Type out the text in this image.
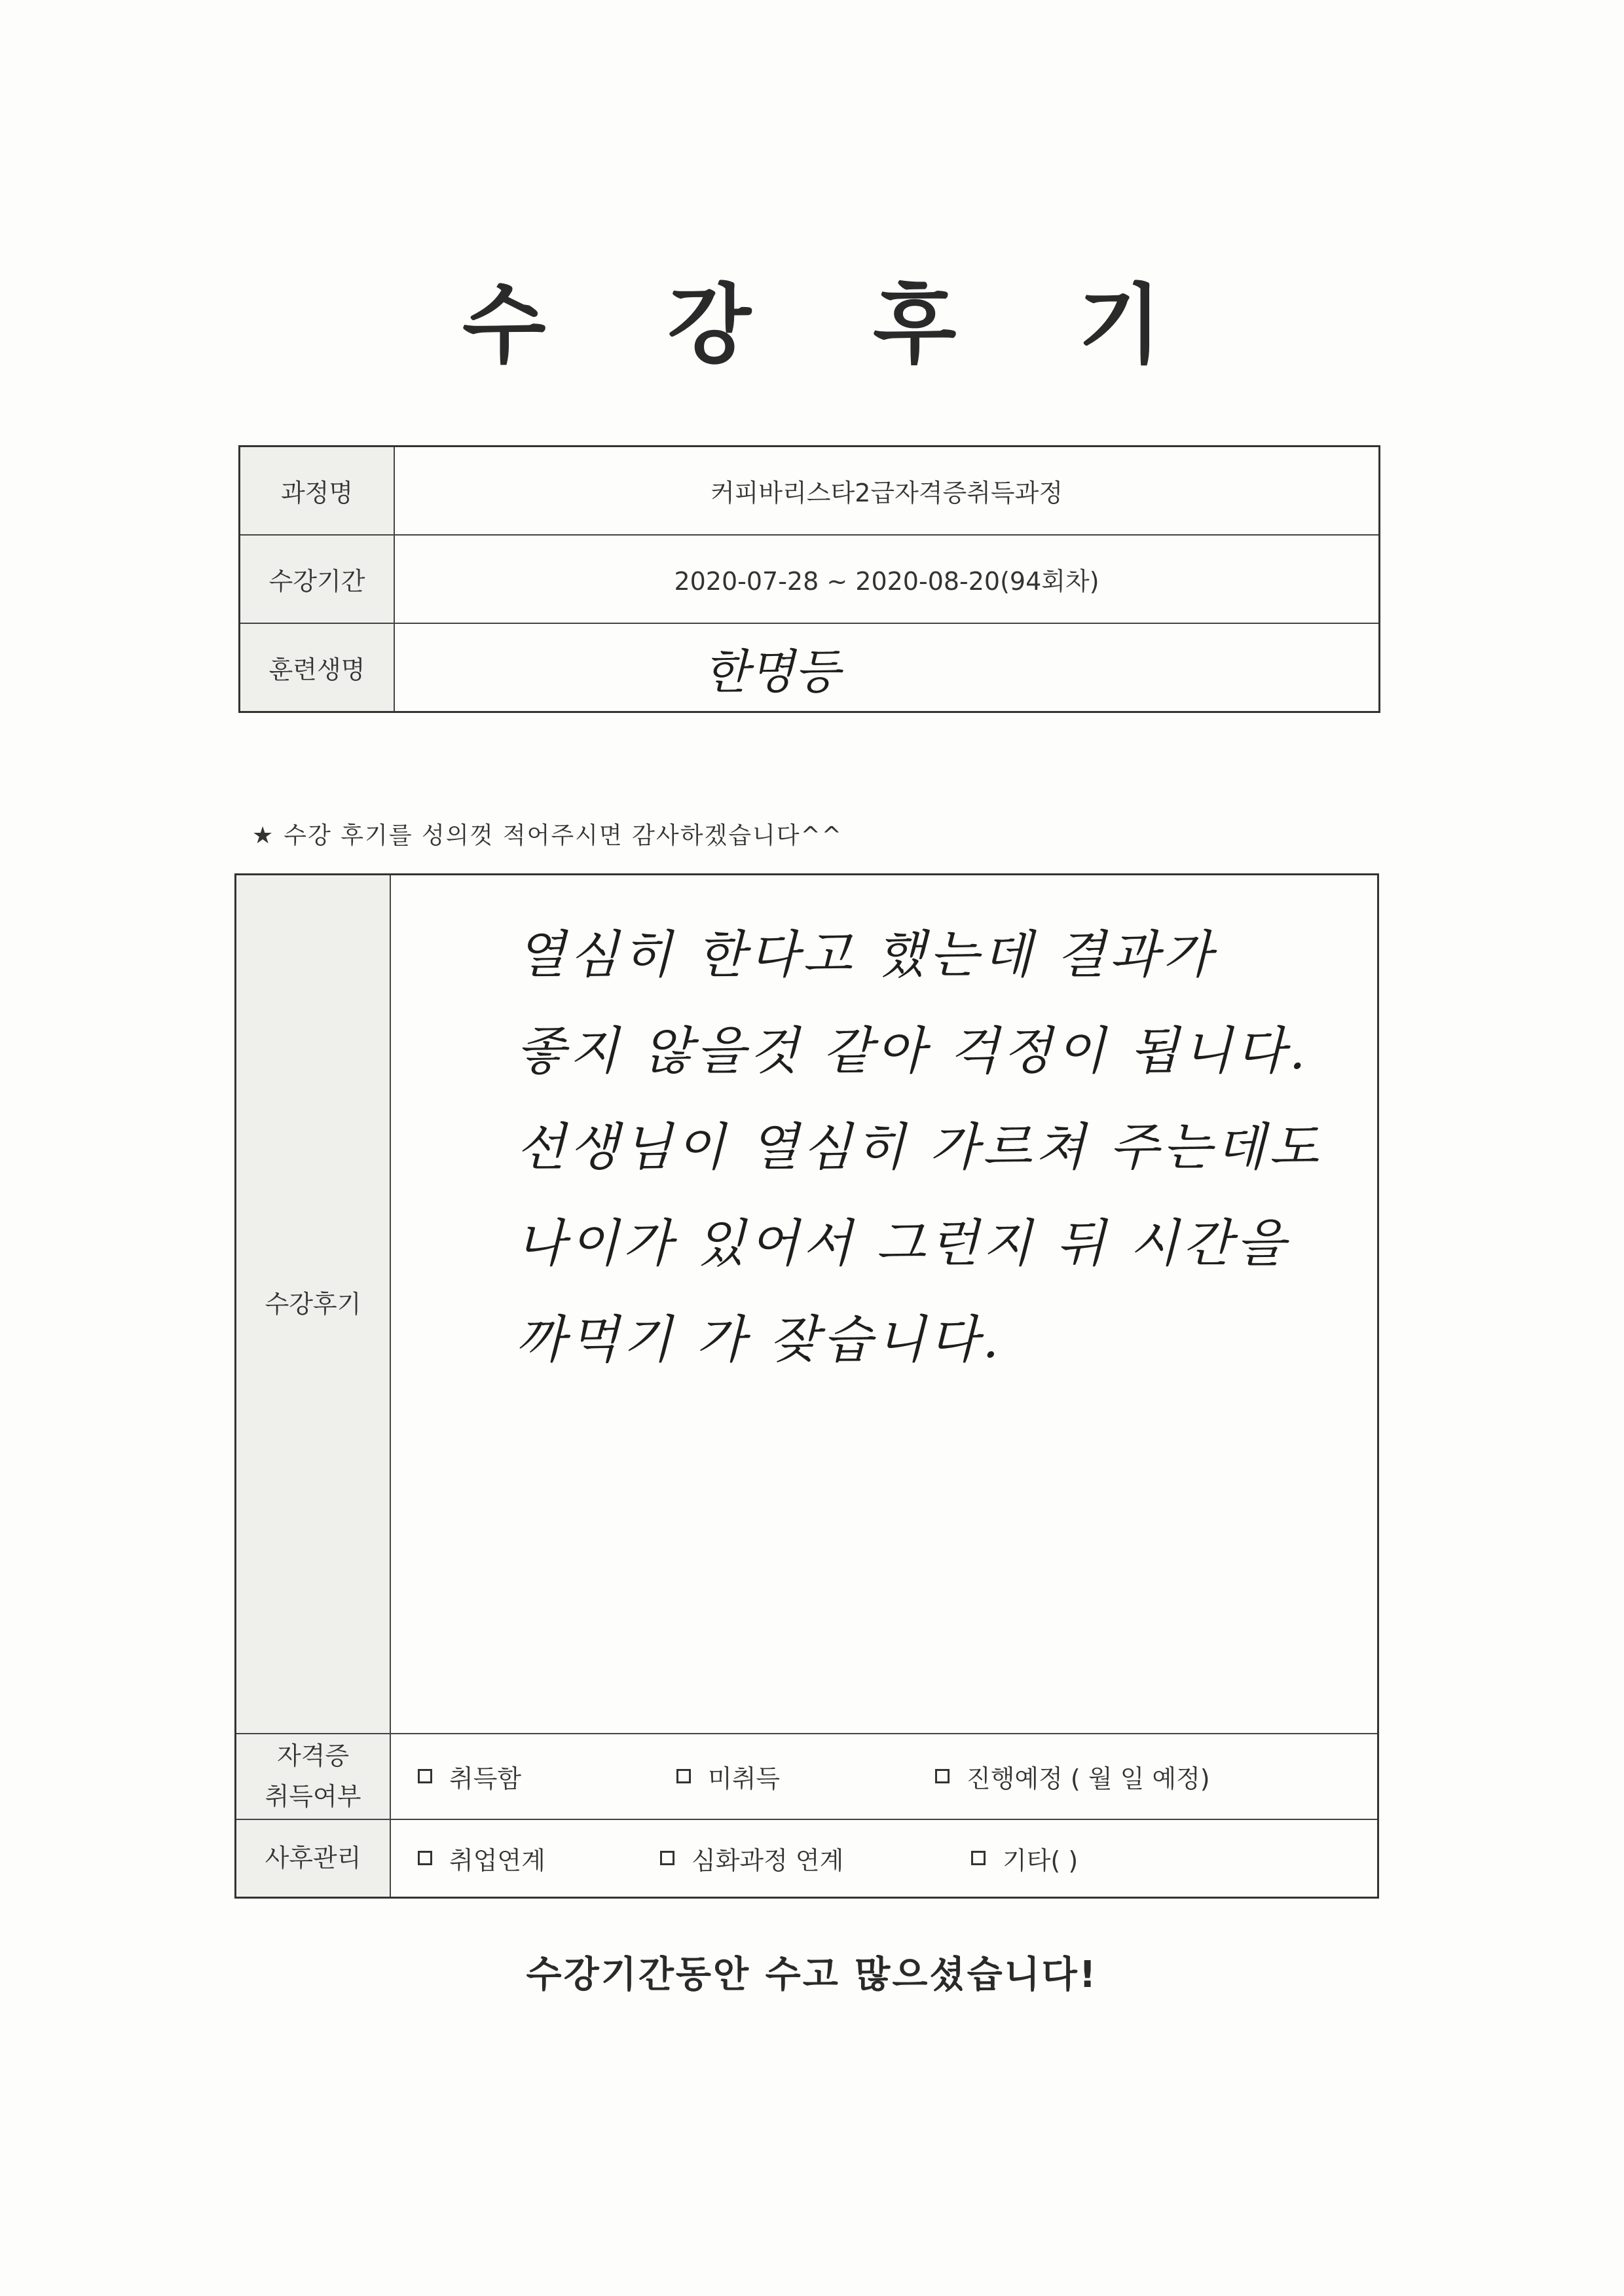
수 강 후 기
과정명	커피바리스타2급자격증취득과정
수강기간	2020-07-28 ~ 2020-08-20(94회차)
훈련생명	한명등
★ 수강 후기를 성의껏 적어주시면 감사하겠습니다^^
수강후기	열심히 한다고 했는데 결과가
좋지 않을것 같아 걱정이 됩니다.
선생님이 열심히 가르쳐 주는데도
나이가 있어서 그런지 뒤 시간을
까먹기 가 잦습니다.

자격증
취득여부	취득함 미취득 진행예정 ( 월 일 예정)

사후관리	취업연계 심화과정 연계 기타( )
수강기간동안 수고 많으셨습니다!
